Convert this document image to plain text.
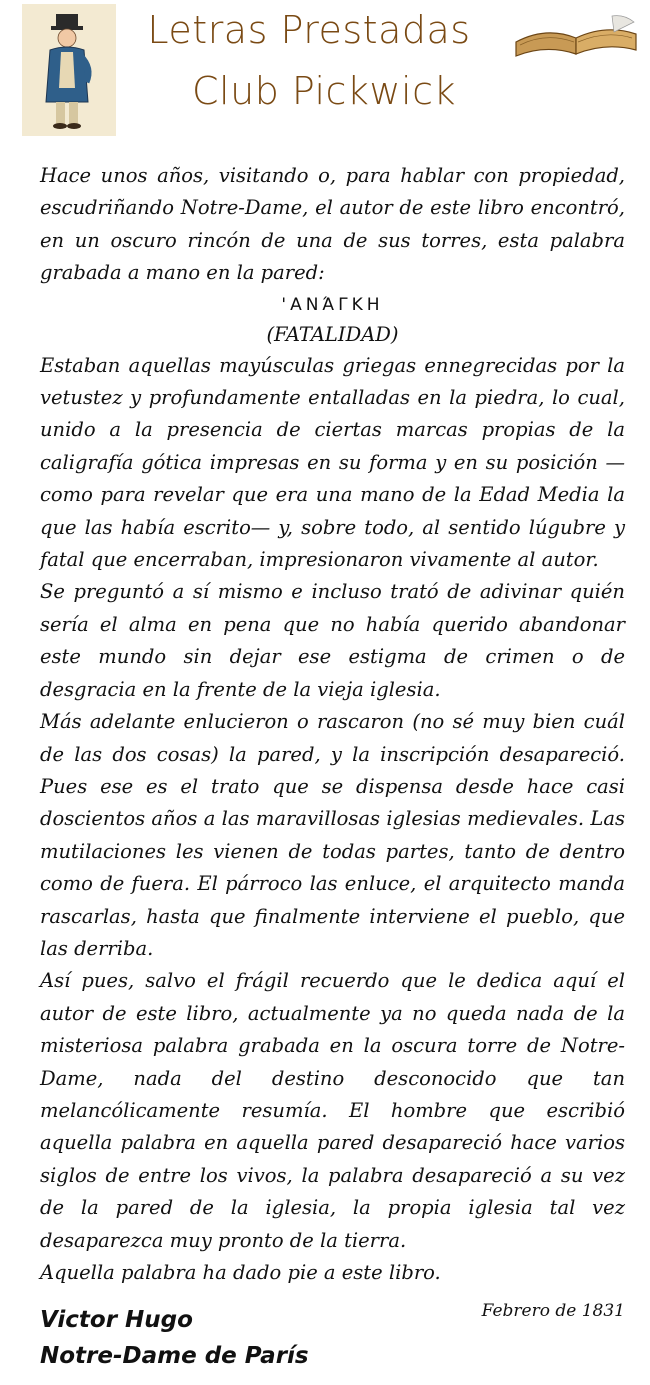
Letras Prestadas
Club Pickwick

Hace unos años, visitando o, para hablar con propiedad, escudriñando Notre-Dame, el autor de este libro encontró, en un oscuro rincón de una de sus torres, esta palabra grabada a mano en la pared:

'ΑΝΆΓΚΗ
(FATALIDAD)

Estaban aquellas mayúsculas griegas ennegrecidas por la vetustez y profundamente entalladas en la piedra, lo cual, unido a la presencia de ciertas marcas propias de la caligrafía gótica impresas en su forma y en su posición —como para revelar que era una mano de la Edad Media la que las había escrito— y, sobre todo, al sentido lúgubre y fatal que encerraban, impresionaron vivamente al autor.

Se preguntó a sí mismo e incluso trató de adivinar quién sería el alma en pena que no había querido abandonar este mundo sin dejar ese estigma de crimen o de desgracia en la frente de la vieja iglesia.

Más adelante enlucieron o rascaron (no sé muy bien cuál de las dos cosas) la pared, y la inscripción desapareció. Pues ese es el trato que se dispensa desde hace casi doscientos años a las maravillosas iglesias medievales. Las mutilaciones les vienen de todas partes, tanto de dentro como de fuera. El párroco las enluce, el arquitecto manda rascarlas, hasta que finalmente interviene el pueblo, que las derriba.

Así pues, salvo el frágil recuerdo que le dedica aquí el autor de este libro, actualmente ya no queda nada de la misteriosa palabra grabada en la oscura torre de Notre-Dame, nada del destino desconocido que tan melancólicamente resumía. El hombre que escribió aquella palabra en aquella pared desapareció hace varios siglos de entre los vivos, la palabra desapareció a su vez de la pared de la iglesia, la propia iglesia tal vez desaparezca muy pronto de la tierra.

Aquella palabra ha dado pie a este libro.

Febrero de 1831
Victor Hugo
Notre-Dame de París
